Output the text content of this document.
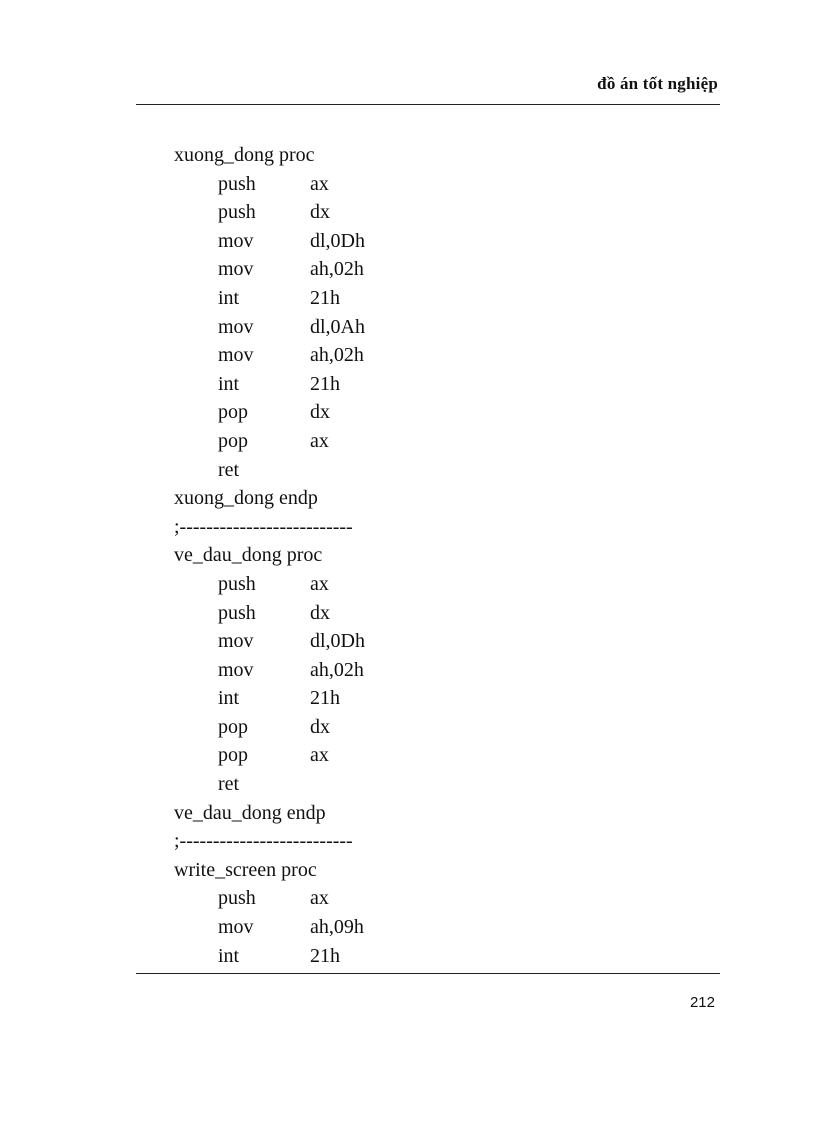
đồ án tốt nghiệp
xuong_dong proc
push	ax
push	dx
mov	dl,0Dh
mov	ah,02h
int	21h
mov	dl,0Ah
mov	ah,02h
int	21h
pop	dx
pop	ax
ret
xuong_dong endp
;--------------------------
ve_dau_dong proc
push	ax
push	dx
mov	dl,0Dh
mov	ah,02h
int	21h
pop	dx
pop	ax
ret
ve_dau_dong endp
;--------------------------
write_screen proc
push	ax
mov	ah,09h
int	21h
212
